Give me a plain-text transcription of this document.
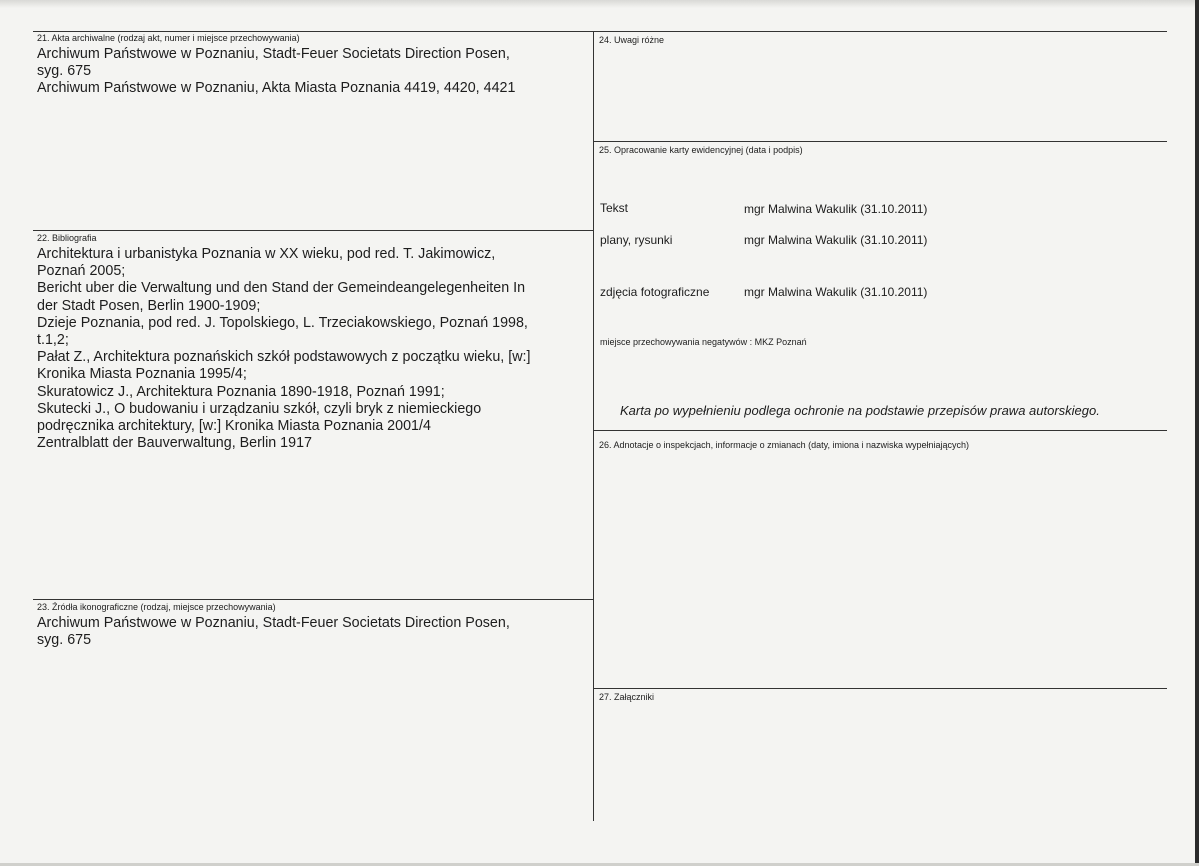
21. Akta archiwalne (rodzaj akt, numer i miejsce przechowywania)
Archiwum Państwowe w Poznaniu, Stadt-Feuer Societats Direction Posen,
syg. 675
Archiwum Państwowe w Poznaniu, Akta Miasta Poznania 4419, 4420, 4421
22. Bibliografia
Architektura i urbanistyka Poznania w XX wieku, pod red. T. Jakimowicz,
Poznań 2005;
Bericht uber die Verwaltung und den Stand der Gemeindeangelegenheiten In
der Stadt Posen, Berlin 1900-1909;
Dzieje Poznania, pod red. J. Topolskiego, L. Trzeciakowskiego, Poznań 1998,
t.1,2;
Pałat Z., Architektura poznańskich szkół podstawowych z początku wieku, [w:]
Kronika Miasta Poznania 1995/4;
Skuratowicz J., Architektura Poznania 1890-1918, Poznań 1991;
Skutecki J., O budowaniu i urządzaniu szkół, czyli bryk z niemieckiego
podręcznika architektury, [w:] Kronika Miasta Poznania 2001/4
Zentralblatt der Bauverwaltung, Berlin 1917
23. Źródła ikonograficzne (rodzaj, miejsce przechowywania)
Archiwum Państwowe w Poznaniu, Stadt-Feuer Societats Direction Posen,
syg. 675
24. Uwagi różne
25. Opracowanie karty ewidencyjnej (data i podpis)
Tekst	mgr Malwina Wakulik (31.10.2011)
plany, rysunki	mgr Malwina Wakulik (31.10.2011)
zdjęcia fotograficzne	mgr Malwina Wakulik (31.10.2011)
miejsce przechowywania negatywów : MKZ Poznań
Karta po wypełnieniu podlega ochronie na podstawie przepisów prawa autorskiego.
26. Adnotacje o inspekcjach, informacje o zmianach (daty, imiona i nazwiska wypełniających)
27. Załączniki
